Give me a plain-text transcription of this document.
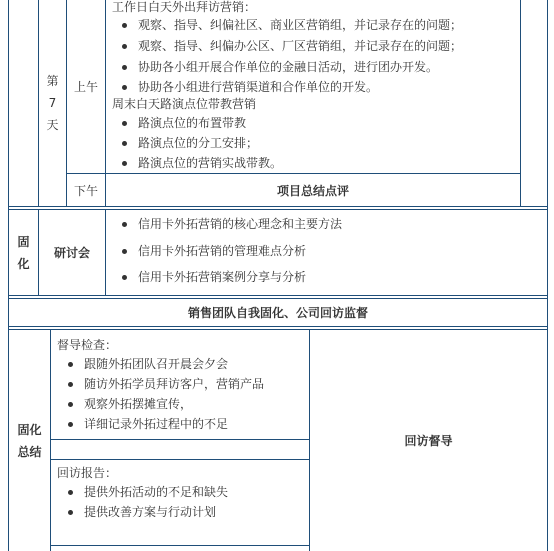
第
7
天
上午
工作日白天外出拜访营销：
观察、指导、纠偏社区、商业区营销组，并记录存在的问题；
观察、指导、纠偏办公区、厂区营销组，并记录存在的问题；
协助各小组开展合作单位的金融日活动，进行团办开发。
协助各小组进行营销渠道和合作单位的开发。
周末白天路演点位带教营销
路演点位的布置带教
路演点位的分工安排；
路演点位的营销实战带教。
下午	项目总结点评
固
化
研讨会
信用卡外拓营销的核心理念和主要方法
信用卡外拓营销的管理难点分析
信用卡外拓营销案例分享与分析
销售团队自我固化、公司回访监督
固化
总结
督导检查：
跟随外拓团队召开晨会夕会
随访外拓学员拜访客户，营销产品
观察外拓摆摊宣传，
详细记录外拓过程中的不足
回访报告：
提供外拓活动的不足和缺失
提供改善方案与行动计划
回访督导
